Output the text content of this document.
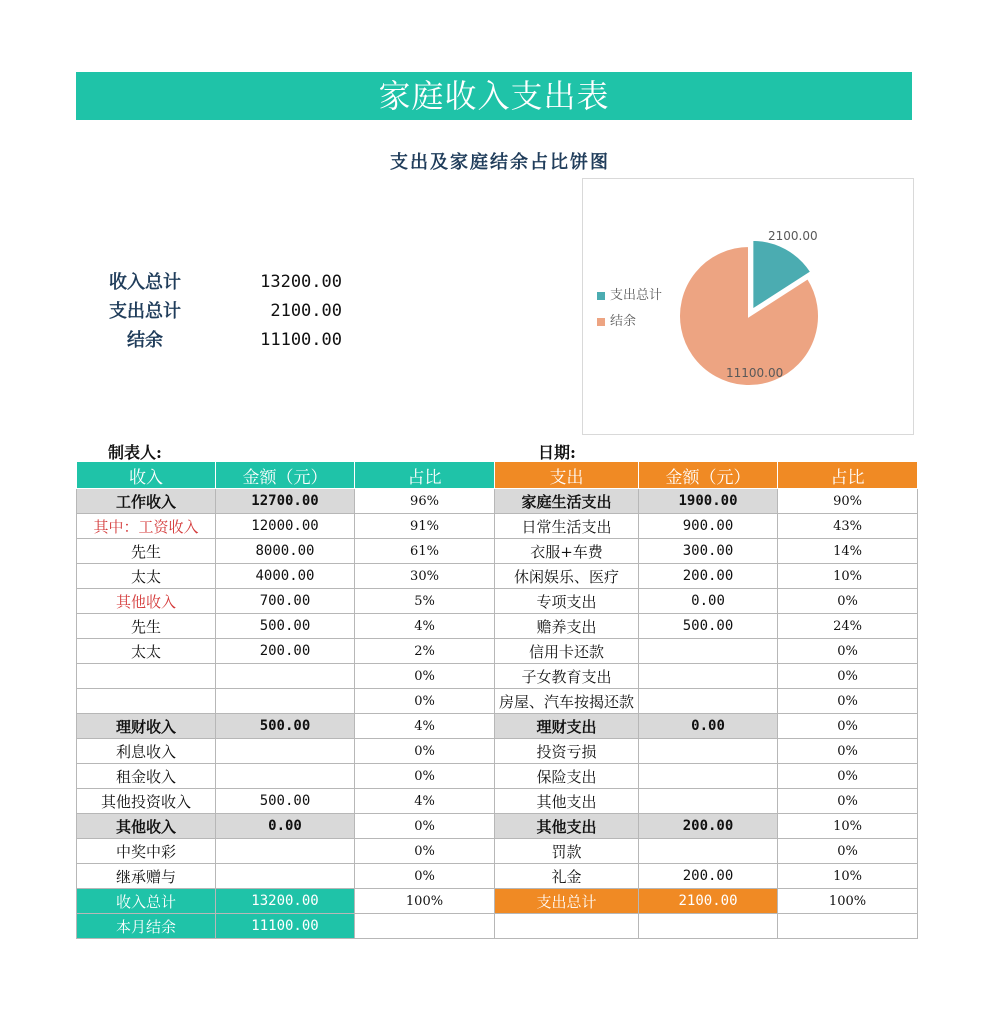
家庭收入支出表
支出及家庭结余占比饼图
收入总计	13200.00
支出总计	2100.00
结余	11100.00
2100.00
11100.00
支出总计
结余
制表人:	日期:
收入	金额（元）	占比	支出	金额（元）	占比
工作收入	12700.00	96%	家庭生活支出	1900.00	90%
其中：工资收入	12000.00	91%	日常生活支出	900.00	43%
先生	8000.00	61%	衣服+车费	300.00	14%
太太	4000.00	30%	休闲娱乐、医疗	200.00	10%
其他收入	700.00	5%	专项支出	0.00	0%
先生	500.00	4%	赡养支出	500.00	24%
太太	200.00	2%	信用卡还款		0%
		0%	子女教育支出		0%
		0%	房屋、汽车按揭还款		0%
理财收入	500.00	4%	理财支出	0.00	0%
利息收入		0%	投资亏损		0%
租金收入		0%	保险支出		0%
其他投资收入	500.00	4%	其他支出		0%
其他收入	0.00	0%	其他支出	200.00	10%
中奖中彩		0%	罚款		0%
继承赠与		0%	礼金	200.00	10%
收入总计	13200.00	100%	支出总计	2100.00	100%
本月结余	11100.00				
